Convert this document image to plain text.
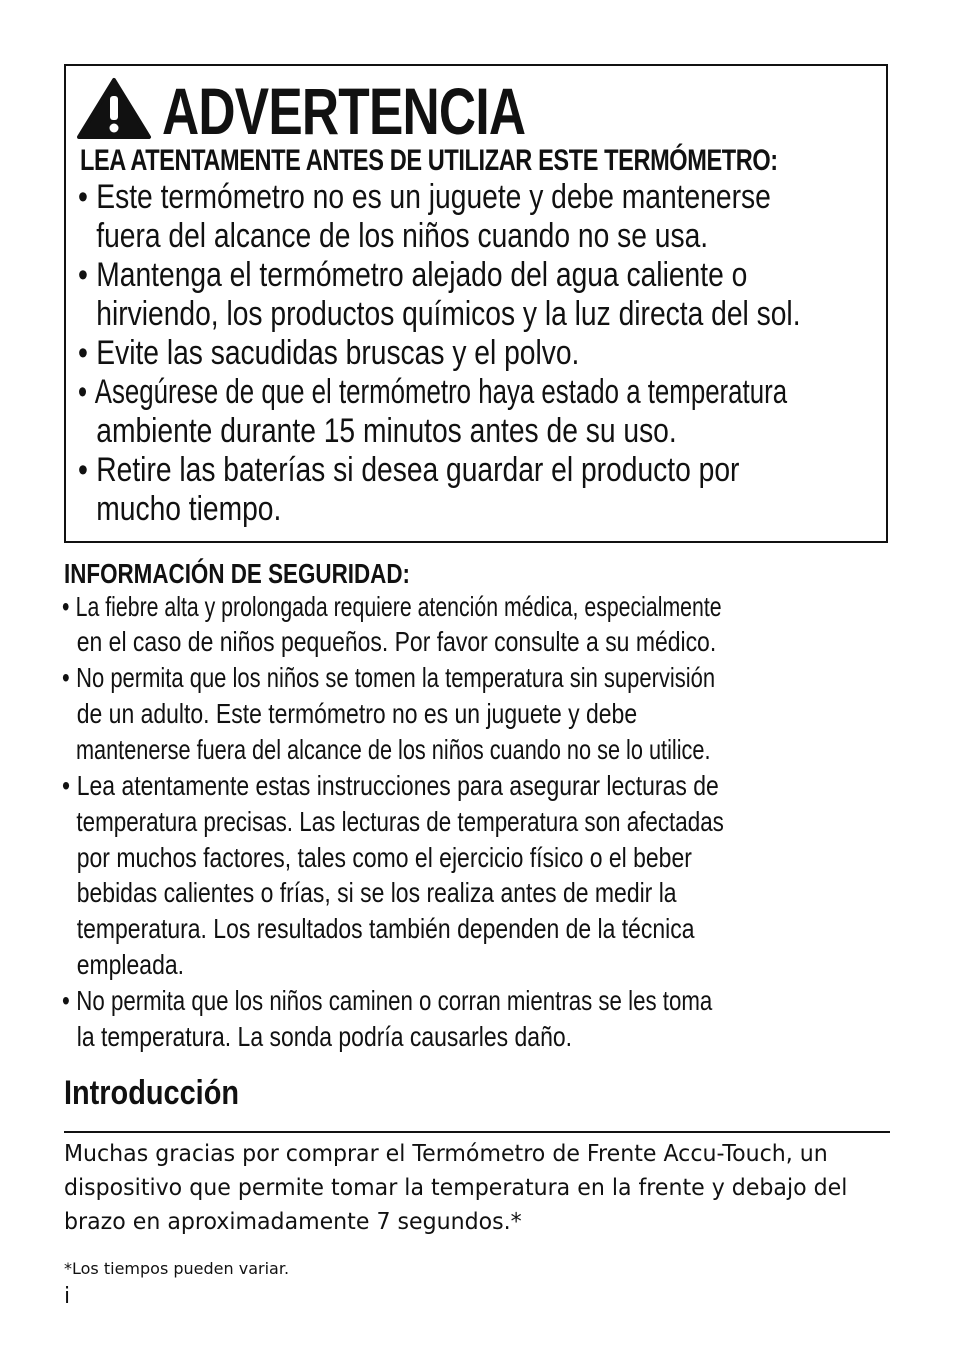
ADVERTENCIA
LEA ATENTAMENTE ANTES DE UTILIZAR ESTE TERMÓMETRO:
• Este termómetro no es un juguete y debe mantenerse
fuera del alcance de los niños cuando no se usa.
• Mantenga el termómetro alejado del agua caliente o
hirviendo, los productos químicos y la luz directa del sol.
• Evite las sacudidas bruscas y el polvo.
• Asegúrese de que el termómetro haya estado a temperatura
ambiente durante 15 minutos antes de su uso.
• Retire las baterías si desea guardar el producto por
mucho tiempo.
INFORMACIÓN DE SEGURIDAD:
• La fiebre alta y prolongada requiere atención médica, especialmente
en el caso de niños pequeños. Por favor consulte a su médico.
• No permita que los niños se tomen la temperatura sin supervisión
de un adulto. Este termómetro no es un juguete y debe
mantenerse fuera del alcance de los niños cuando no se lo utilice.
• Lea atentamente estas instrucciones para asegurar lecturas de
temperatura precisas. Las lecturas de temperatura son afectadas
por muchos factores, tales como el ejercicio físico o el beber
bebidas calientes o frías, si se los realiza antes de medir la
temperatura. Los resultados también dependen de la técnica
empleada.
• No permita que los niños caminen o corran mientras se les toma
la temperatura. La sonda podría causarles daño.
Introducción
Muchas gracias por comprar el Termómetro de Frente Accu-Touch, un
dispositivo que permite tomar la temperatura en la frente y debajo del
brazo en aproximadamente 7 segundos.*
*Los tiempos pueden variar.
i
